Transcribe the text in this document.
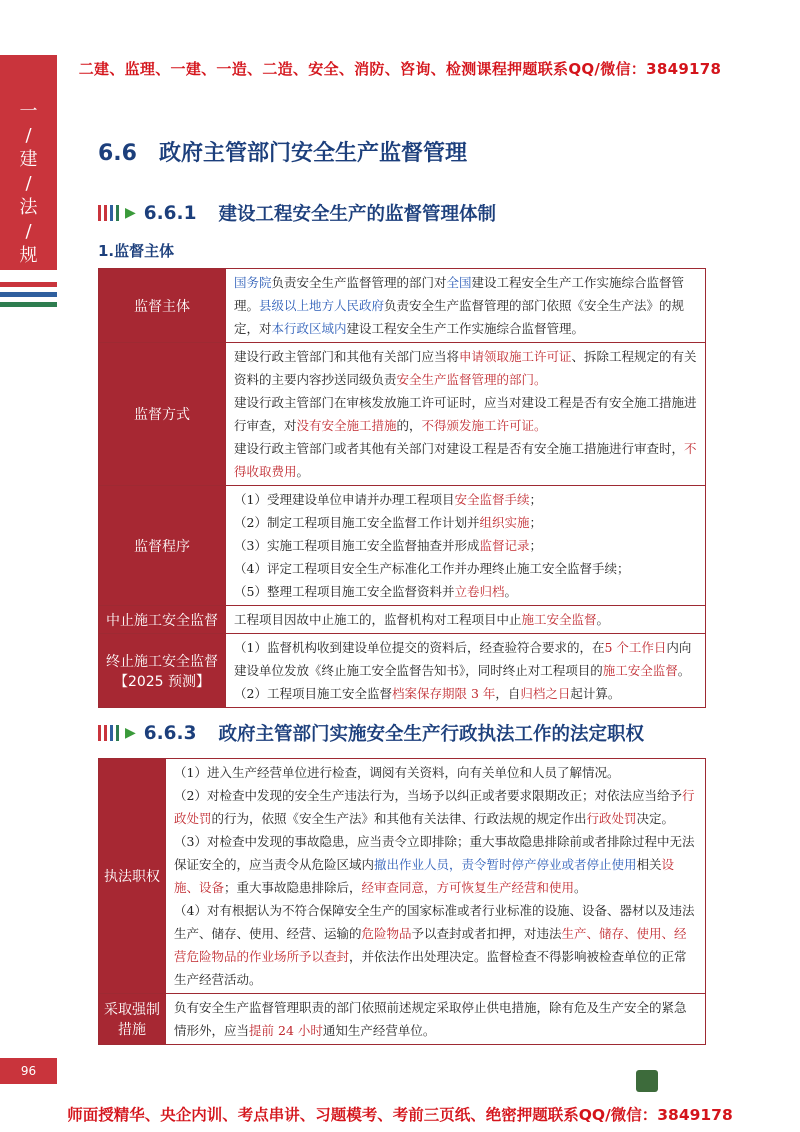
二建、监理、一建、一造、二造、安全、消防、咨询、检测课程押题联系QQ/微信：3849178
一
/
建
/
法
/
规
6.6 政府主管部门安全生产监督管理
▶ 6.6.1 建设工程安全生产的监督管理体制
1.监督主体
监督主体	国务院负责安全生产监督管理的部门对全国建设工程安全生产工作实施综合监督管理。县级以上地方人民政府负责安全生产监督管理的部门依照《安全生产法》的规定，对本行政区域内建设工程安全生产工作实施综合监督管理。
监督方式	建设行政主管部门和其他有关部门应当将申请领取施工许可证、拆除工程规定的有关资料的主要内容抄送同级负责安全生产监督管理的部门。
建设行政主管部门在审核发放施工许可证时，应当对建设工程是否有安全施工措施进行审查，对没有安全施工措施的，不得颁发施工许可证。
建设行政主管部门或者其他有关部门对建设工程是否有安全施工措施进行审查时，不得收取费用。
监督程序	（1）受理建设单位申请并办理工程项目安全监督手续；
（2）制定工程项目施工安全监督工作计划并组织实施；
（3）实施工程项目施工安全监督抽查并形成监督记录；
（4）评定工程项目安全生产标准化工作并办理终止施工安全监督手续；
（5）整理工程项目施工安全监督资料并立卷归档。
中止施工安全监督	工程项目因故中止施工的，监督机构对工程项目中止施工安全监督。
终止施工安全监督【2025 预测】	（1）监督机构收到建设单位提交的资料后，经查验符合要求的，在5 个工作日内向建设单位发放《终止施工安全监督告知书》，同时终止对工程项目的施工安全监督。
（2）工程项目施工安全监督档案保存期限 3 年，自归档之日起计算。
▶ 6.6.3 政府主管部门实施安全生产行政执法工作的法定职权
执法职权	（1）进入生产经营单位进行检查，调阅有关资料，向有关单位和人员了解情况。
（2）对检查中发现的安全生产违法行为，当场予以纠正或者要求限期改正；对依法应当给予行政处罚的行为，依照《安全生产法》和其他有关法律、行政法规的规定作出行政处罚决定。
（3）对检查中发现的事故隐患，应当责令立即排除；重大事故隐患排除前或者排除过程中无法保证安全的，应当责令从危险区域内撤出作业人员，责令暂时停产停业或者停止使用相关设施、设备；重大事故隐患排除后，经审查同意，方可恢复生产经营和使用。
（4）对有根据认为不符合保障安全生产的国家标准或者行业标准的设施、设备、器材以及违法生产、储存、使用、经营、运输的危险物品予以查封或者扣押，对违法生产、储存、使用、经营危险物品的作业场所予以查封，并依法作出处理决定。监督检查不得影响被检查单位的正常生产经营活动。
采取强制措施	负有安全生产监督管理职责的部门依照前述规定采取停止供电措施，除有危及生产安全的紧急情形外，应当提前 24 小时通知生产经营单位。
96
师面授精华、央企内训、考点串讲、习题模考、考前三页纸、绝密押题联系QQ/微信：3849178
